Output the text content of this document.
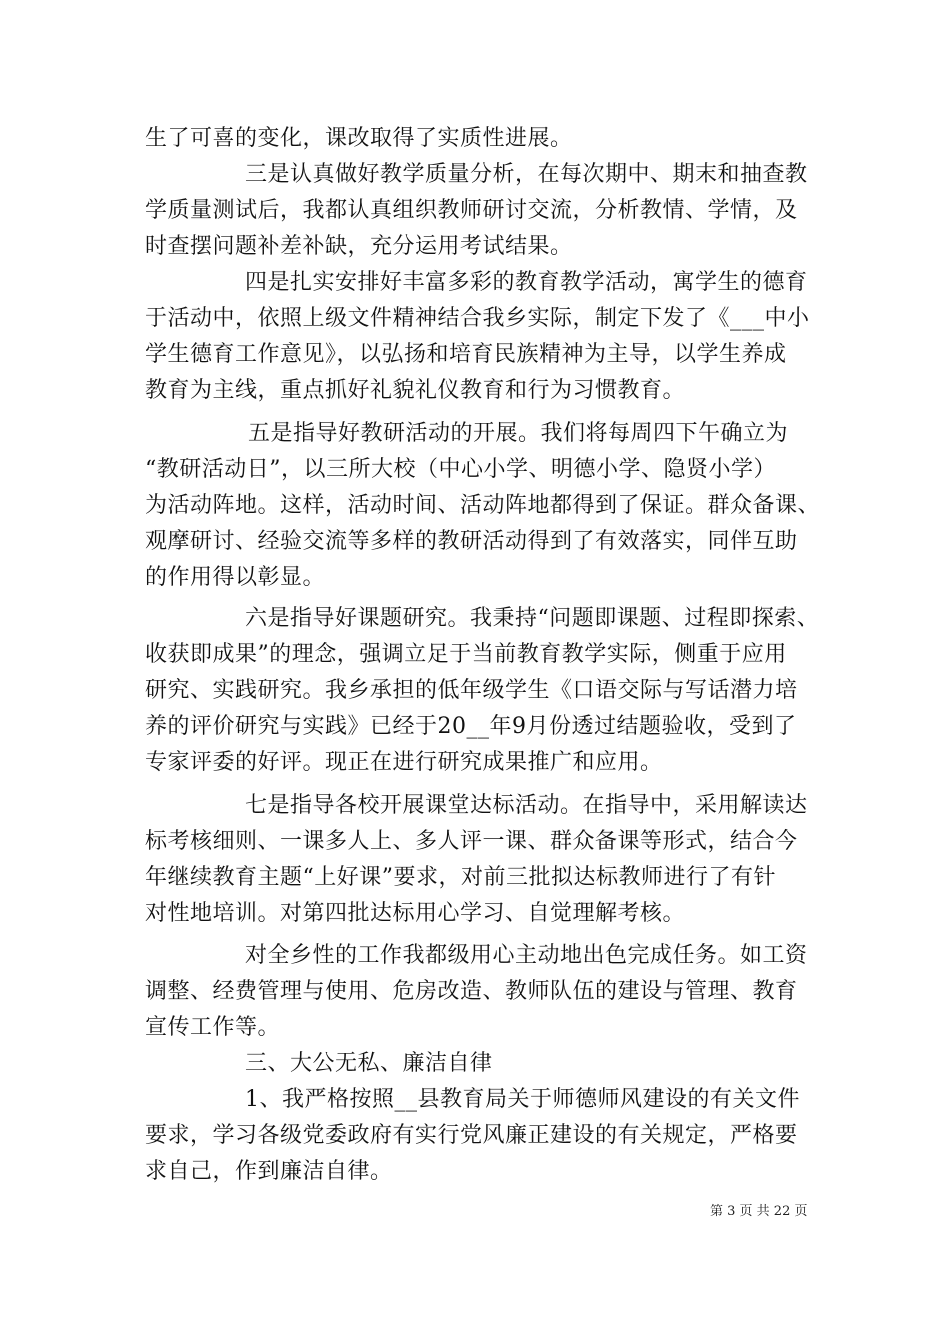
生了可喜的变化，课改取得了实质性进展。
三是认真做好教学质量分析，在每次期中、期末和抽查教
学质量测试后，我都认真组织教师研讨交流，分析教情、学情，及
时查摆问题补差补缺，充分运用考试结果。
四是扎实安排好丰富多彩的教育教学活动，寓学生的德育
于活动中，依照上级文件精神结合我乡实际，制定下发了《___中小
学生德育工作意见》，以弘扬和培育民族精神为主导，以学生养成
教育为主线，重点抓好礼貌礼仪教育和行为习惯教育。
五是指导好教研活动的开展。我们将每周四下午确立为
“教研活动日”，以三所大校（中心小学、明德小学、隐贤小学）
为活动阵地。这样，活动时间、活动阵地都得到了保证。群众备课、
观摩研讨、经验交流等多样的教研活动得到了有效落实，同伴互助
的作用得以彰显。
六是指导好课题研究。我秉持“问题即课题、过程即探索、
收获即成果”的理念，强调立足于当前教育教学实际，侧重于应用
研究、实践研究。我乡承担的低年级学生《口语交际与写话潜力培
养的评价研究与实践》已经于20__年9月份透过结题验收，受到了
专家评委的好评。现正在进行研究成果推广和应用。
七是指导各校开展课堂达标活动。在指导中，采用解读达
标考核细则、一课多人上、多人评一课、群众备课等形式，结合今
年继续教育主题“上好课”要求，对前三批拟达标教师进行了有针
对性地培训。对第四批达标用心学习、自觉理解考核。
对全乡性的工作我都级用心主动地出色完成任务。如工资
调整、经费管理与使用、危房改造、教师队伍的建设与管理、教育
宣传工作等。
三、大公无私、廉洁自律
1、我严格按照__县教育局关于师德师风建设的有关文件
要求，学习各级党委政府有实行党风廉正建设的有关规定，严格要
求自己，作到廉洁自律。
第 3 页 共 22 页
